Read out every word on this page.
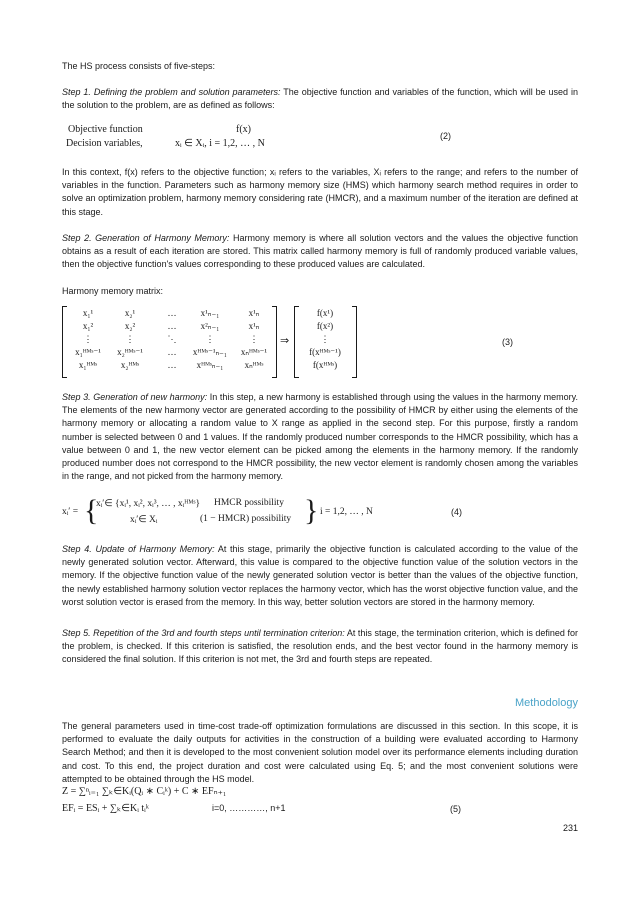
The HS process consists of five-steps:

Step 1. Defining the problem and solution parameters: The objective function and variables of the function, which will be used in the solution to the problem, are as defined as follows:

Objective function	f(x)
Decision variables,	xᵢ ∈ Xᵢ, i = 1,2, … , N
(2)

In this context, f(x) refers to the objective function; xᵢ refers to the variables, Xᵢ refers to the range; and refers to the number of variables in the function. Parameters such as harmony memory size (HMS) which harmony search method requires in order to solve an optimization problem, harmony memory considering rate (HMCR), and a maximum number of the iteration are defined at this stage.

Step 2. Generation of Harmony Memory: Harmony memory is where all solution vectors and the values the objective function obtains as a result of each iteration are stored. This matrix called harmony memory is full of randomly produced variable values, then the objective function's values corresponding to these produced values are calculated.

Harmony memory matrix:

x₁¹	x₂¹	…	x¹ₙ₋₁	x¹ₙ
x₁²	x₂²	…	x²ₙ₋₁	x¹ₙ
⋮	⋮	⋱	⋮	⋮
x₁ᴴᴹˢ⁻¹	x₂ᴴᴹˢ⁻¹	…	xᴴᴹˢ⁻¹ₙ₋₁	xₙᴴᴹˢ⁻¹
x₁ᴴᴹˢ	x₂ᴴᴹˢ	…	xᴴᴹˢₙ₋₁	xₙᴴᴹˢ
⇒
f(x¹)
f(x²)
⋮
f(xᴴᴹˢ⁻¹)
f(xᴴᴹˢ)
(3)

Step 3. Generation of new harmony: In this step, a new harmony is established through using the values in the harmony memory. The elements of the new harmony vector are generated according to the possibility of HMCR by either using the elements of the harmony memory or allocating a random value to X range as applied in the second step. For this purpose, firstly a random number is selected between 0 and 1 values. If the randomly produced number corresponds to the HMCR possibility, which has a value between 0 and 1, the new vector element can be picked among the elements in the harmony memory. If the randomly produced number does not correspond to the HMCR possibility, the new vector element is randomly chosen among the variables in the range, and not picked from the harmony memory.

xᵢ′ = {
xᵢ′∈ {xᵢ¹, xᵢ², xᵢ³, … , xᵢᴴᴹˢ} HMCR possibility
xᵢ′∈ Xᵢ	(1 − HMCR) possibility } i = 1,2, … , N	(4)

Step 4. Update of Harmony Memory: At this stage, primarily the objective function is calculated according to the value of the newly generated solution vector. Afterward, this value is compared to the objective function value of the solution vectors in the memory. If the objective function value of the newly generated solution vector is better than the values of the objective function, the newly established harmony solution vector replaces the harmony vector, which has the worst objective function value, and the worst solution vector is erased from the memory. In this way, better solution vectors are stored in the harmony memory.

Step 5. Repetition of the 3rd and fourth steps until termination criterion: At this stage, the termination criterion, which is defined for the problem, is checked. If this criterion is satisfied, the resolution ends, and the best vector found in the harmony memory is considered the final solution. If this criterion is not met, the 3rd and fourth steps are repeated.

Methodology

The general parameters used in time-cost trade-off optimization formulations are discussed in this section. In this scope, it is performed to evaluate the daily outputs for activities in the construction of a building were evaluated according to Harmony Search Method; and then it is developed to the most convenient solution model over its performance elements including duration and cost. To this end, the project duration and cost were calculated using Eq. 5; and the most convenient solutions were attempted to be obtained through the HS model.

Z = ∑ⁿᵢ₌₁ ∑ₖ∈Kᵢ(Qᵢ ∗ Cᵢᵏ) + C ∗ EFₙ₊₁
EFᵢ = ESᵢ + ∑ₖ∈Kᵢ tᵢᵏ	i=0, …………, n+1	(5)
231
